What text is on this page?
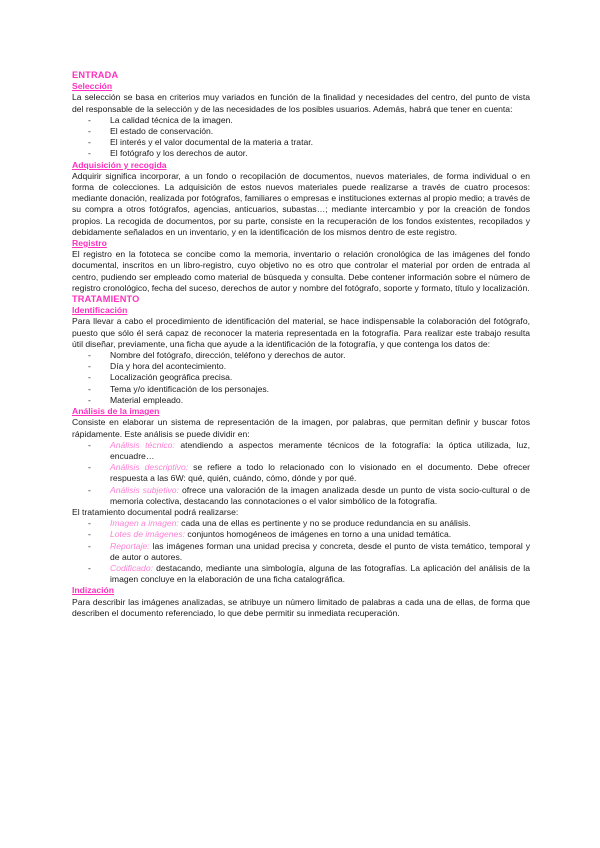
ENTRADA
Selección

La selección se basa en criterios muy variados en función de la finalidad y necesidades del centro, del punto de vista del responsable de la selección y de las necesidades de los posibles usuarios. Además, habrá que tener en cuenta:

- La calidad técnica de la imagen.
- El estado de conservación.
- El interés y el valor documental de la materia a tratar.
- El fotógrafo y los derechos de autor.
Adquisición y recogida

Adquirir significa incorporar, a un fondo o recopilación de documentos, nuevos materiales, de forma individual o en forma de colecciones. La adquisición de estos nuevos materiales puede realizarse a través de cuatro procesos: mediante donación, realizada por fotógrafos, familiares o empresas e instituciones externas al propio medio; a través de su compra a otros fotógrafos, agencias, anticuarios, subastas…; mediante intercambio y por la creación de fondos propios. La recogida de documentos, por su parte, consiste en la recuperación de los fondos existentes, recopilados y debidamente señalados en un inventario, y en la identificación de los mismos dentro de este registro.

Registro

El registro en la fototeca se concibe como la memoria, inventario o relación cronológica de las imágenes del fondo documental, inscritos en un libro-registro, cuyo objetivo no es otro que controlar el material por orden de entrada al centro, pudiendo ser empleado como material de búsqueda y consulta. Debe contener información sobre el número de registro cronológico, fecha del suceso, derechos de autor y nombre del fotógrafo, soporte y formato, título y localización.

TRATAMIENTO
Identificación

Para llevar a cabo el procedimiento de identificación del material, se hace indispensable la colaboración del fotógrafo, puesto que sólo él será capaz de reconocer la materia representada en la fotografía. Para realizar este trabajo resulta útil diseñar, previamente, una ficha que ayude a la identificación de la fotografía, y que contenga los datos de:

- Nombre del fotógrafo, dirección, teléfono y derechos de autor.
- Día y hora del acontecimiento.
- Localización geográfica precisa.
- Tema y/o identificación de los personajes.
- Material empleado.
Análisis de la imagen

Consiste en elaborar un sistema de representación de la imagen, por palabras, que permitan definir y buscar fotos rápidamente. Este análisis se puede dividir en:

- Análisis técnico: atendiendo a aspectos meramente técnicos de la fotografía: la óptica utilizada, luz, encuadre…
- Análisis descriptivo: se refiere a todo lo relacionado con lo visionado en el documento. Debe ofrecer respuesta a las 6W: qué, quién, cuándo, cómo, dónde y por qué.
- Análisis subjetivo: ofrece una valoración de la imagen analizada desde un punto de vista socio-cultural o de memoria colectiva, destacando las connotaciones o el valor simbólico de la fotografía.

El tratamiento documental podrá realizarse:

- Imagen a imagen: cada una de ellas es pertinente y no se produce redundancia en su análisis.
- Lotes de imágenes: conjuntos homogéneos de imágenes en torno a una unidad temática.
- Reportaje: las imágenes forman una unidad precisa y concreta, desde el punto de vista temático, temporal y de autor o autores.
- Codificado: destacando, mediante una simbología, alguna de las fotografías. La aplicación del análisis de la imagen concluye en la elaboración de una ficha catalográfica.
Indización

Para describir las imágenes analizadas, se atribuye un número limitado de palabras a cada una de ellas, de forma que describen el documento referenciado, lo que debe permitir su inmediata recuperación.
